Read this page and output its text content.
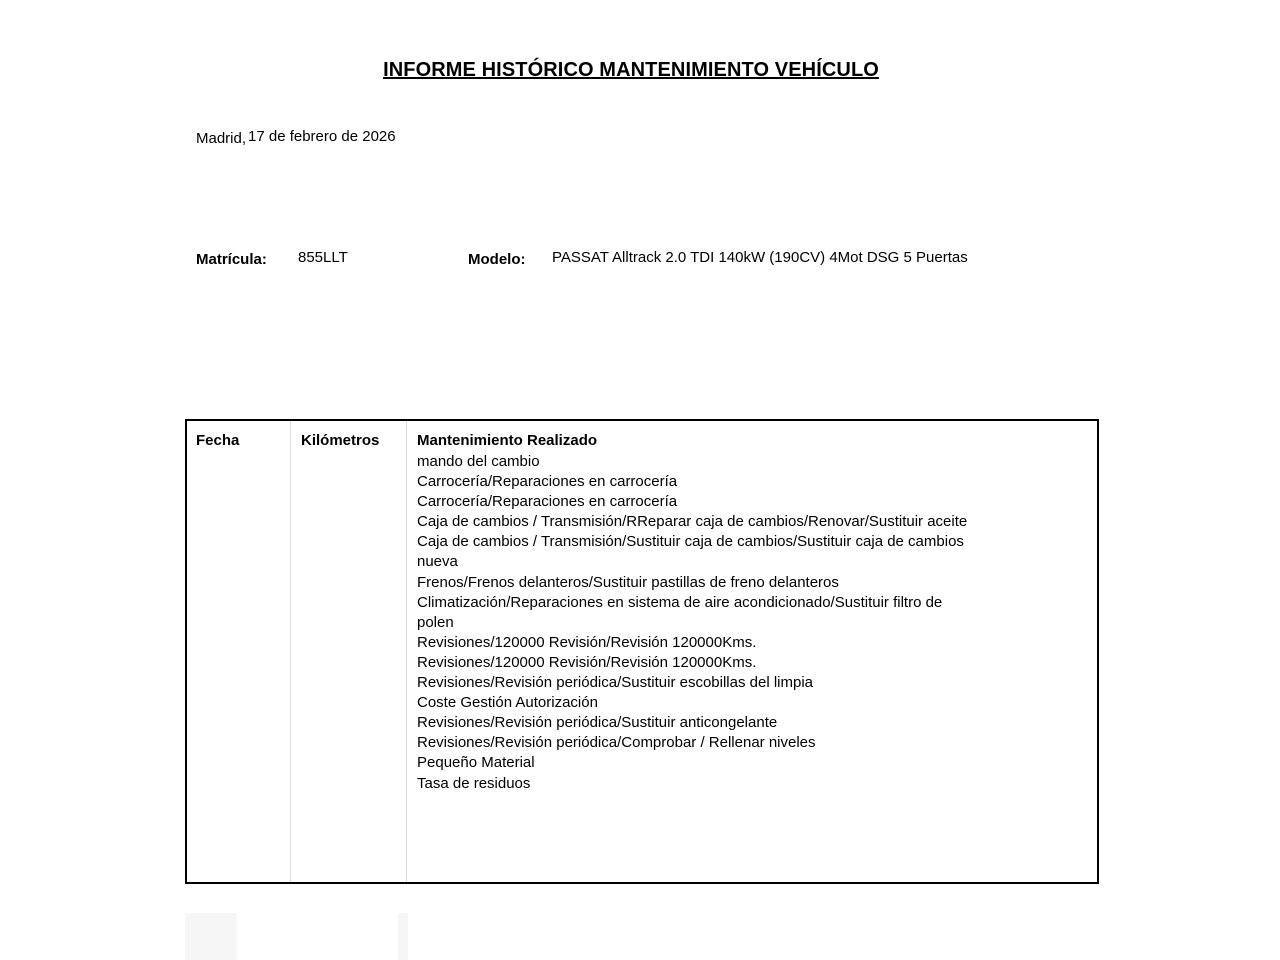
INFORME HISTÓRICO MANTENIMIENTO VEHÍCULO
Madrid, 17 de febrero de 2026
Matrícula: 855LLT	Modelo: PASSAT Alltrack 2.0 TDI 140kW (190CV) 4Mot DSG 5 Puertas
Fecha	Kilómetros	Mantenimiento Realizado
mando del cambio
Carrocería/Reparaciones en carrocería
Carrocería/Reparaciones en carrocería
Caja de cambios / Transmisión/RReparar caja de cambios/Renovar/Sustituir aceite
Caja de cambios / Transmisión/Sustituir caja de cambios/Sustituir caja de cambios nueva
Frenos/Frenos delanteros/Sustituir pastillas de freno delanteros
Climatización/Reparaciones en sistema de aire acondicionado/Sustituir filtro de polen
Revisiones/120000 Revisión/Revisión 120000Kms.
Revisiones/120000 Revisión/Revisión 120000Kms.
Revisiones/Revisión periódica/Sustituir escobillas del limpia
Coste Gestión Autorización
Revisiones/Revisión periódica/Sustituir anticongelante
Revisiones/Revisión periódica/Comprobar / Rellenar niveles
Pequeño Material
Tasa de residuos
